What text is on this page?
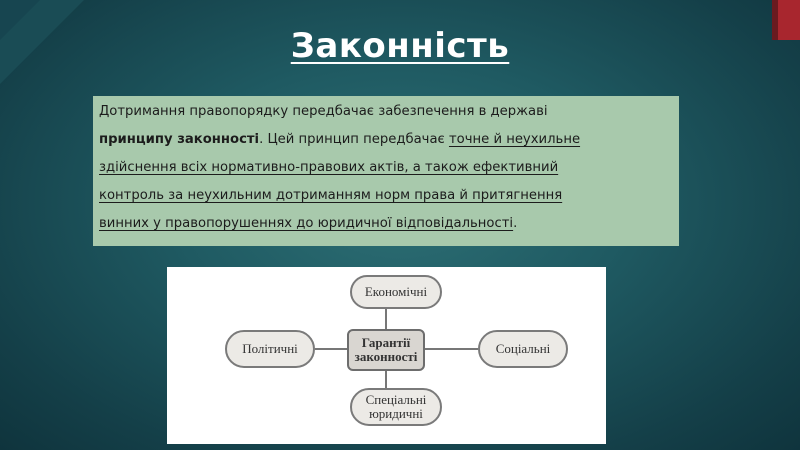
Законність
Дотримання правопорядку передбачає забезпечення в державі
принципу законності. Цей принцип передбачає точне й неухильне
здійснення всіх нормативно-правових актів, а також ефективний
контроль за неухильним дотриманням норм права й притягнення
винних у правопорушеннях до юридичної відповідальності.
Економічні
Політичні	Соціальні
Гарантії
законності
Спеціальні
юридичні
